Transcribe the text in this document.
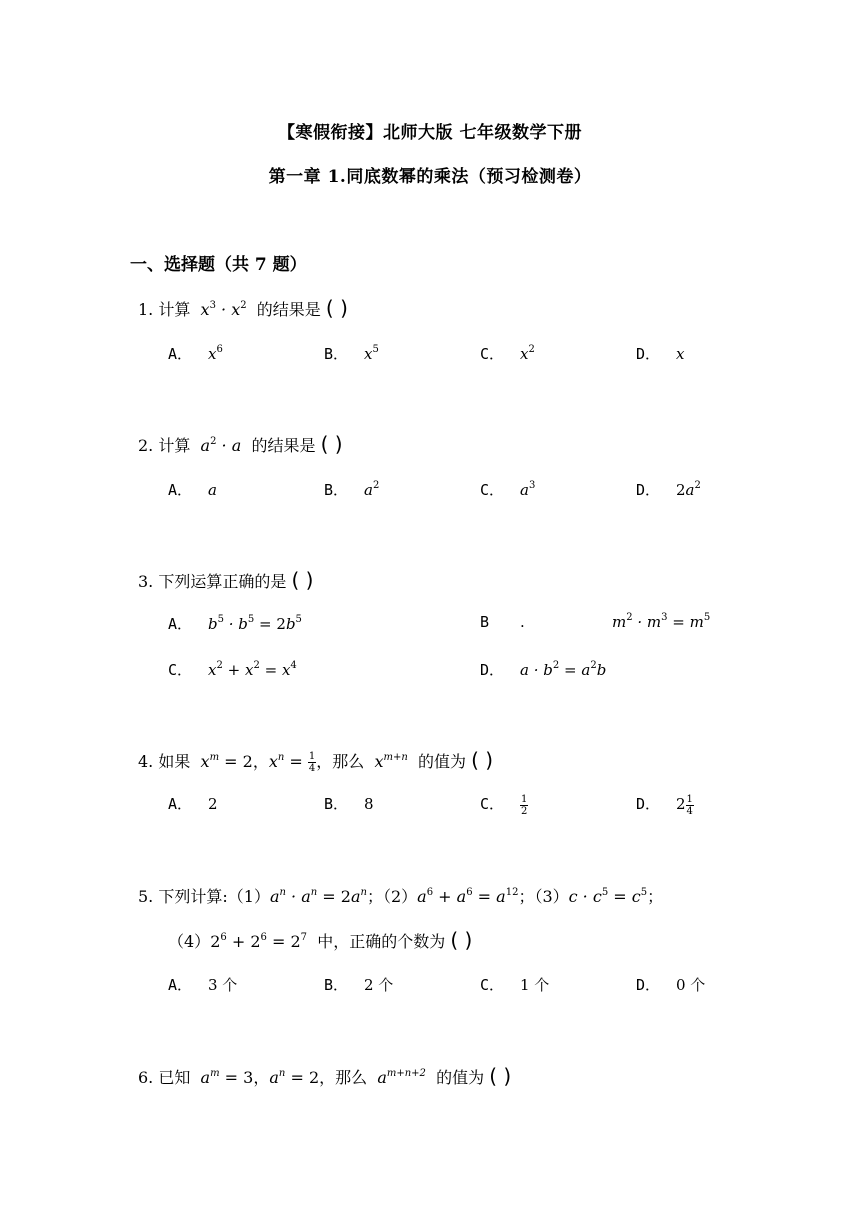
【寒假衔接】北师大版 七年级数学下册
第一章 1.同底数幂的乘法（预习检测卷）
一、选择题（共 7 题）
1. 计算  $x^3 \cdot x^2$ 的结果是 ( )
A． $x^6$	B． $x^5$	C． $x^2$	D． x
2. 计算  $a^2 \cdot a$  的结果是 ( )
A． a	B． $a^2$	C． $a^3$	D． $2a^2$
3. 下列运算正确的是 ( )
A． $b^5 \cdot b^5 = 2b^5$	B	.	$m^2 \cdot m^3 = m^5$
C． $x^2 + x^2 = x^4$	D． $a \cdot b^2 = a^2b$
4. 如果  $x^m = 2$，$x^n = \frac{1}{4}$ ，那么  $x^{m+n}$ 的值为 ( )
A． 2	B． 8	C． $\frac{1}{2}$	D． $2 \frac{1}{4}$
5. 下列计算$:(1)a^n \cdot a^n = 2a^n$；$(2)a^6 + a^6 = a^{12}$；$(3)c \cdot c^5 = c^5$；
$(4)2^6 + 2^6 = 2^7$ 中，正确的个数为 ( )
A． 3 个	B． 2 个	C． 1 个	D． 0 个
6. 已知  $a^m = 3$，$a^n = 2$，那么  $a^{m+n+2}$ 的值为 ( )
